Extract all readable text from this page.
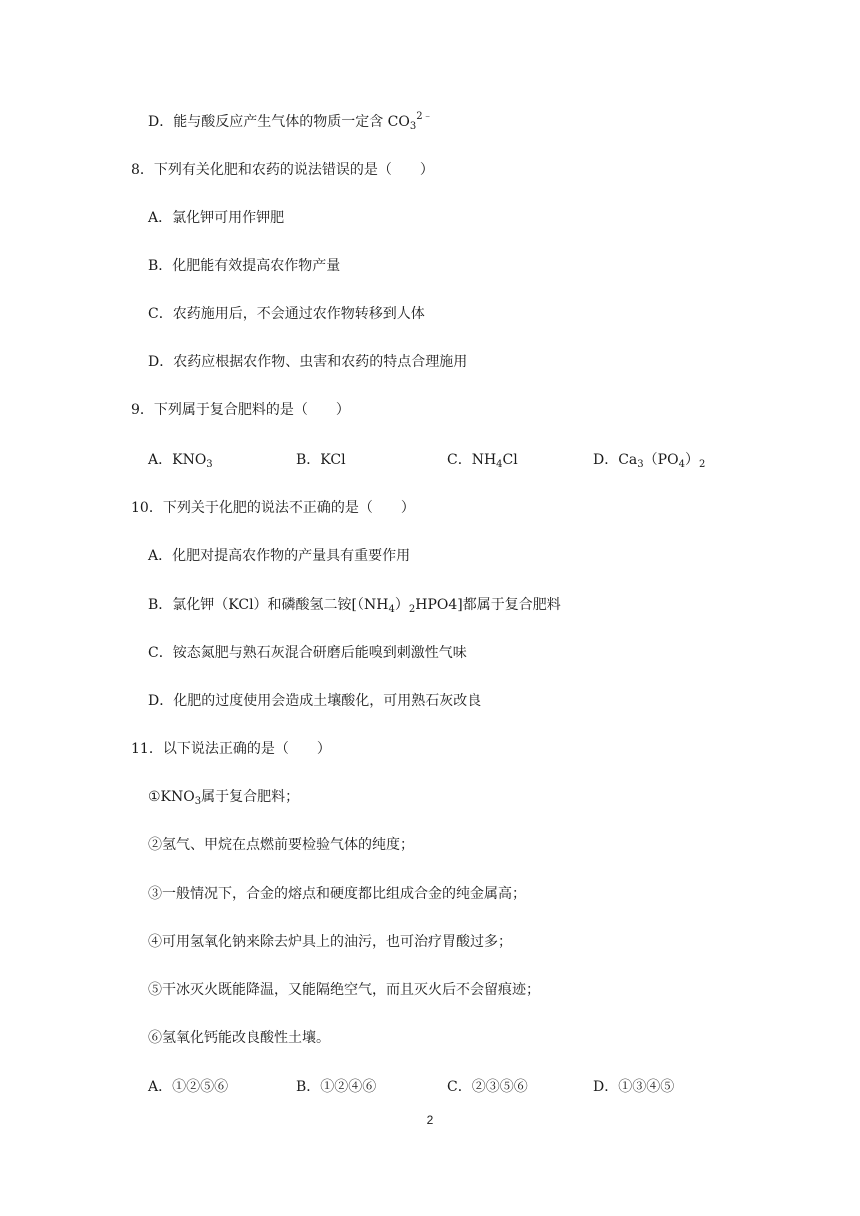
D．能与酸反应产生气体的物质一定含 $CO_3^{2﹣}$
8．下列有关化肥和农药的说法错误的是（　　）
A．氯化钾可用作钾肥
B．化肥能有效提高农作物产量
C．农药施用后，不会通过农作物转移到人体
D．农药应根据农作物、虫害和农药的特点合理施用
9．下列属于复合肥料的是（　　）
A．$KNO_3$	B．KCl	C．$NH_4Cl$	D．$Ca_3(PO_4)_2$
10．下列关于化肥的说法不正确的是（　　）
A．化肥对提高农作物的产量具有重要作用
B．氯化钾（KCl）和磷酸氢二铵$[(NH_4)_2HPO4]$都属于复合肥料
C．铵态氮肥与熟石灰混合研磨后能嗅到刺激性气味
D．化肥的过度使用会造成土壤酸化，可用熟石灰改良
11．以下说法正确的是（　　）
$①KNO_3$属于复合肥料；
②氢气、甲烷在点燃前要检验气体的纯度；
③一般情况下，合金的熔点和硬度都比组成合金的纯金属高；
④可用氢氧化钠来除去炉具上的油污，也可治疗胃酸过多；
⑤干冰灭火既能降温，又能隔绝空气，而且灭火后不会留痕迹；
⑥氢氧化钙能改良酸性土壤。
A．①②⑤⑥	B．①②④⑥	C．②③⑤⑥	D．①③④⑤
2
